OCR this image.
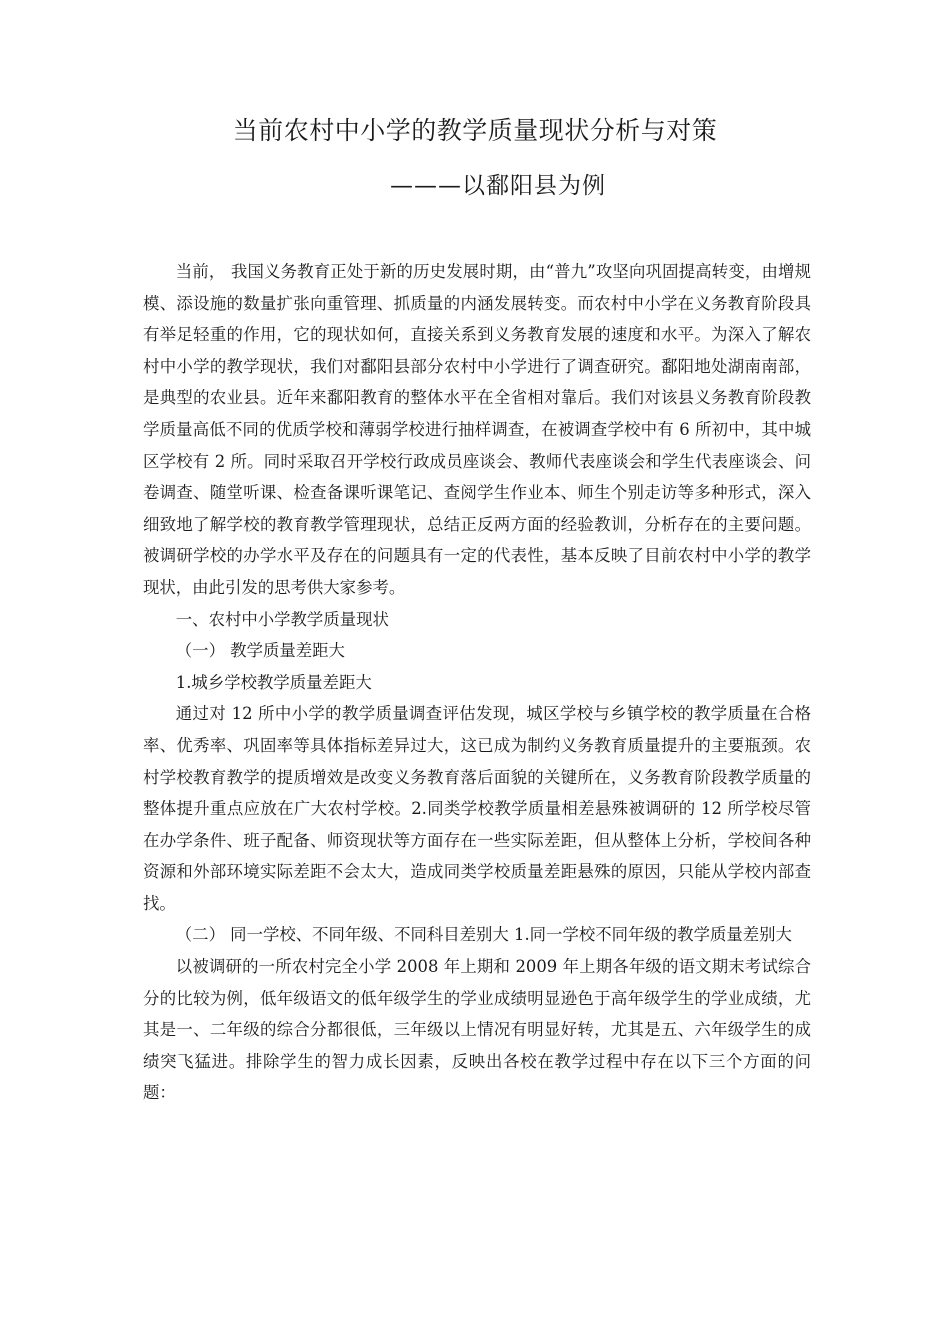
当前农村中小学的教学质量现状分析与对策
———以鄱阳县为例

当前， 我国义务教育正处于新的历史发展时期，由“普九”攻坚向巩固提高转变，由增规模、添设施的数量扩张向重管理、抓质量的内涵发展转变。而农村中小学在义务教育阶段具有举足轻重的作用，它的现状如何，直接关系到义务教育发展的速度和水平。为深入了解农村中小学的教学现状，我们对鄱阳县部分农村中小学进行了调查研究。鄱阳地处湖南南部，是典型的农业县。近年来鄱阳教育的整体水平在全省相对靠后。我们对该县义务教育阶段教学质量高低不同的优质学校和薄弱学校进行抽样调查，在被调查学校中有 6 所初中，其中城区学校有 2 所。同时采取召开学校行政成员座谈会、教师代表座谈会和学生代表座谈会、问卷调查、随堂听课、检查备课听课笔记、查阅学生作业本、师生个别走访等多种形式，深入细致地了解学校的教育教学管理现状，总结正反两方面的经验教训，分析存在的主要问题。被调研学校的办学水平及存在的问题具有一定的代表性，基本反映了目前农村中小学的教学现状，由此引发的思考供大家参考。

一、农村中小学教学质量现状

（一） 教学质量差距大

1.城乡学校教学质量差距大

通过对 12 所中小学的教学质量调查评估发现，城区学校与乡镇学校的教学质量在合格率、优秀率、巩固率等具体指标差异过大，这已成为制约义务教育质量提升的主要瓶颈。农村学校教育教学的提质增效是改变义务教育落后面貌的关键所在，义务教育阶段教学质量的整体提升重点应放在广大农村学校。2.同类学校教学质量相差悬殊被调研的 12 所学校尽管在办学条件、班子配备、师资现状等方面存在一些实际差距，但从整体上分析，学校间各种资源和外部环境实际差距不会太大，造成同类学校质量差距悬殊的原因，只能从学校内部查找。

（二） 同一学校、不同年级、不同科目差别大 1.同一学校不同年级的教学质量差别大

以被调研的一所农村完全小学 2008 年上期和 2009 年上期各年级的语文期末考试综合分的比较为例，低年级语文的低年级学生的学业成绩明显逊色于高年级学生的学业成绩，尤其是一、二年级的综合分都很低，三年级以上情况有明显好转，尤其是五、六年级学生的成绩突飞猛进。排除学生的智力成长因素，反映出各校在教学过程中存在以下三个方面的问题：
